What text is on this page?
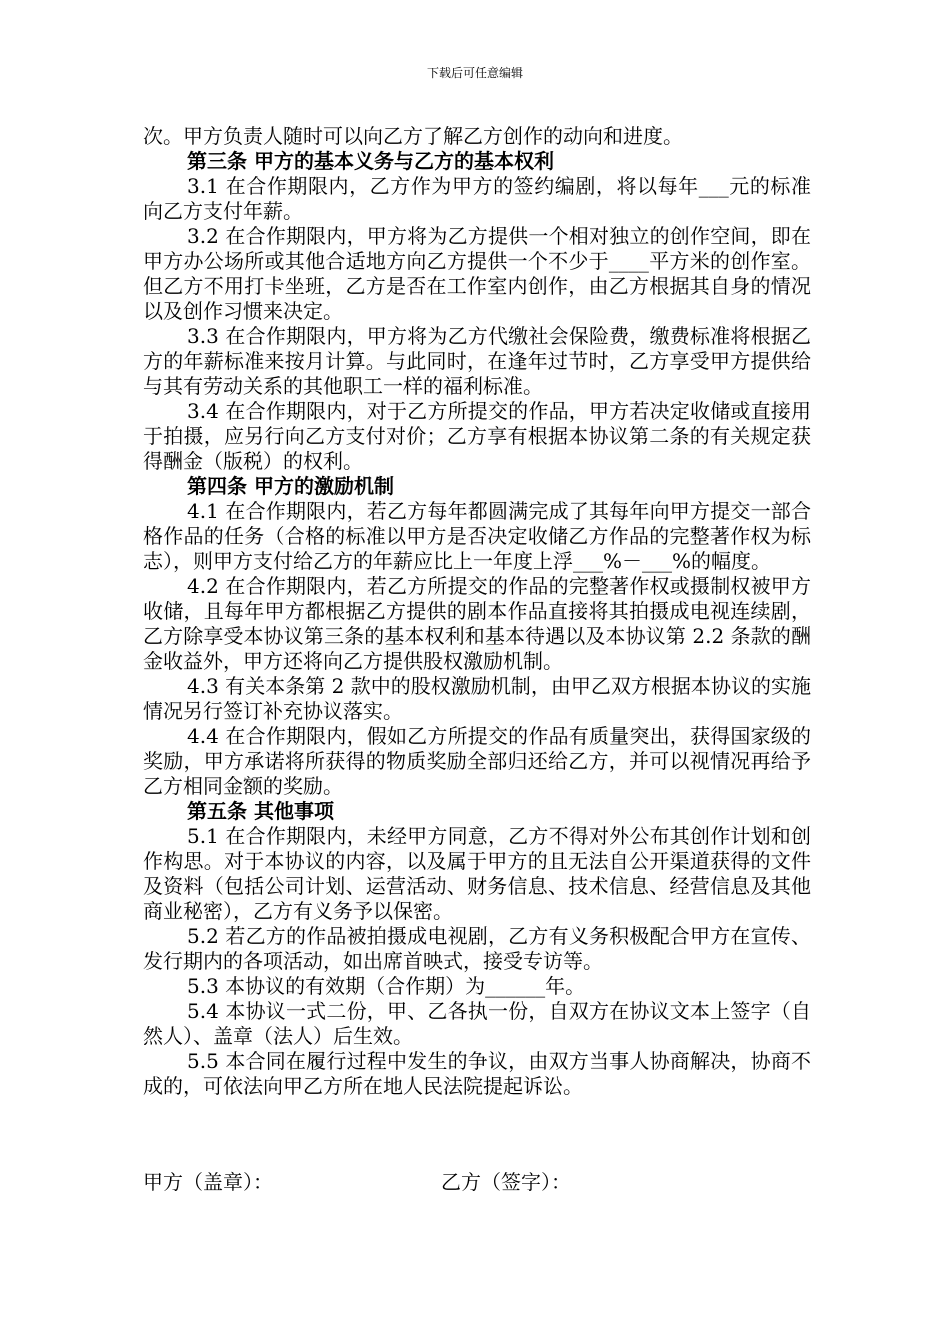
下载后可任意编辑

次。甲方负责人随时可以向乙方了解乙方创作的动向和进度。

第三条 甲方的基本义务与乙方的基本权利

3.1 在合作期限内，乙方作为甲方的签约编剧，将以每年___元的标准向乙方支付年薪。

3.2 在合作期限内，甲方将为乙方提供一个相对独立的创作空间，即在甲方办公场所或其他合适地方向乙方提供一个不少于____平方米的创作室。但乙方不用打卡坐班，乙方是否在工作室内创作，由乙方根据其自身的情况以及创作习惯来决定。

3.3 在合作期限内，甲方将为乙方代缴社会保险费，缴费标准将根据乙方的年薪标准来按月计算。与此同时，在逢年过节时，乙方享受甲方提供给与其有劳动关系的其他职工一样的福利标准。

3.4 在合作期限内，对于乙方所提交的作品，甲方若决定收储或直接用于拍摄，应另行向乙方支付对价；乙方享有根据本协议第二条的有关规定获得酬金（版税）的权利。

第四条 甲方的激励机制

4.1 在合作期限内，若乙方每年都圆满完成了其每年向甲方提交一部合格作品的任务（合格的标准以甲方是否决定收储乙方作品的完整著作权为标志），则甲方支付给乙方的年薪应比上一年度上浮___%－___%的幅度。

4.2 在合作期限内，若乙方所提交的作品的完整著作权或摄制权被甲方收储，且每年甲方都根据乙方提供的剧本作品直接将其拍摄成电视连续剧，乙方除享受本协议第三条的基本权利和基本待遇以及本协议第 2.2 条款的酬金收益外，甲方还将向乙方提供股权激励机制。

4.3 有关本条第 2 款中的股权激励机制，由甲乙双方根据本协议的实施情况另行签订补充协议落实。

4.4 在合作期限内，假如乙方所提交的作品有质量突出，获得国家级的奖励，甲方承诺将所获得的物质奖励全部归还给乙方，并可以视情况再给予乙方相同金额的奖励。

第五条 其他事项

5.1 在合作期限内，未经甲方同意，乙方不得对外公布其创作计划和创作构思。对于本协议的内容，以及属于甲方的且无法自公开渠道获得的文件及资料（包括公司计划、运营活动、财务信息、技术信息、经营信息及其他商业秘密），乙方有义务予以保密。

5.2 若乙方的作品被拍摄成电视剧，乙方有义务积极配合甲方在宣传、发行期内的各项活动，如出席首映式，接受专访等。

5.3 本协议的有效期（合作期）为______年。

5.4 本协议一式二份，甲、乙各执一份，自双方在协议文本上签字（自然人）、盖章（法人）后生效。

5.5 本合同在履行过程中发生的争议，由双方当事人协商解决，协商不成的，可依法向甲乙方所在地人民法院提起诉讼。

甲方（盖章）：	乙方（签字）：
